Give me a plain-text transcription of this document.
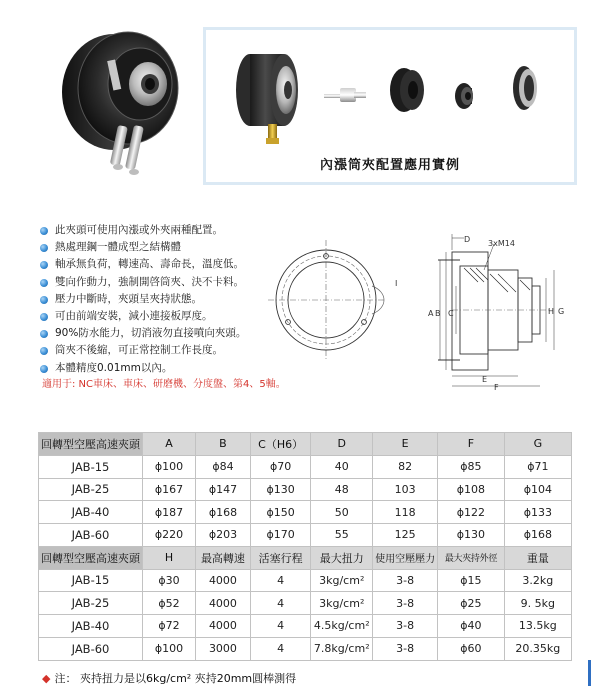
內漲筒夾配置應用實例
此夾頭可使用內漲或外夾兩種配置。
熱處理鋼一體成型之結構體
軸承無負荷，轉速高、壽命長，溫度低。
雙向作動力，強制開啓筒夾、決不卡料。
壓力中斷時，夾頭呈夾持狀態。
可由前端安裝，減小連接板厚度。
90%防水能力，切消液勿直接噴向夾頭。
筒夾不後縮，可正常控制工作長度。
本體精度0.01mm以內。
適用于: NC車床、車床、研磨機、分度盤、第4、5軸。
I
D 3xM14
A B C
E
F
H G
回轉型空壓高速夾頭	A	B	C（H6）	D	E	F	G
JAB-15	ϕ100	ϕ84	ϕ70	40	82	ϕ85	ϕ71
JAB-25	ϕ167	ϕ147	ϕ130	48	103	ϕ108	ϕ104
JAB-40	ϕ187	ϕ168	ϕ150	50	118	ϕ122	ϕ133
JAB-60	ϕ220	ϕ203	ϕ170	55	125	ϕ130	ϕ168
回轉型空壓高速夾頭	H	最高轉速	活塞行程	最大扭力	使用空壓壓力	最大夾持外徑	重量
JAB-15	ϕ30	4000	4	3kg/cm²	3-8	ϕ15	3.2kg
JAB-25	ϕ52	4000	4	3kg/cm²	3-8	ϕ25	9. 5kg
JAB-40	ϕ72	4000	4	4.5kg/cm²	3-8	ϕ40	13.5kg
JAB-60	ϕ100	3000	4	7.8kg/cm²	3-8	ϕ60	20.35kg
◆ 注： 夾持扭力是以6kg/cm² 夾持20mm圓棒測得
